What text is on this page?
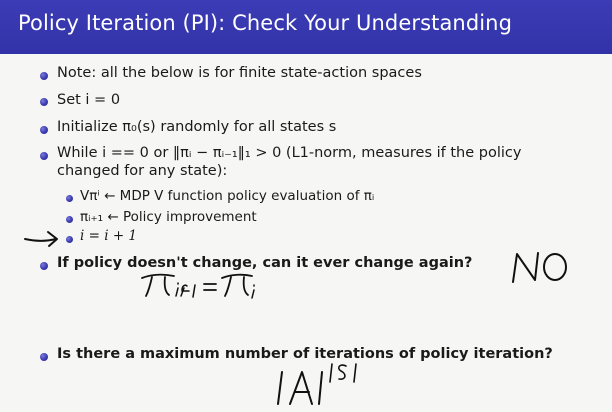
Policy Iteration (PI): Check Your Understanding
Note: all the below is for finite state-action spaces
Set i = 0
Initialize π₀(s) randomly for all states s
While i == 0 or ‖πᵢ − πᵢ₋₁‖₁ > 0 (L1-norm, measures if the policy
changed for any state):
Vπⁱ ← MDP V function policy evaluation of πᵢ
πᵢ₊₁ ← Policy improvement
i = i + 1
If policy doesn't change, can it ever change again?
Is there a maximum number of iterations of policy iteration?
